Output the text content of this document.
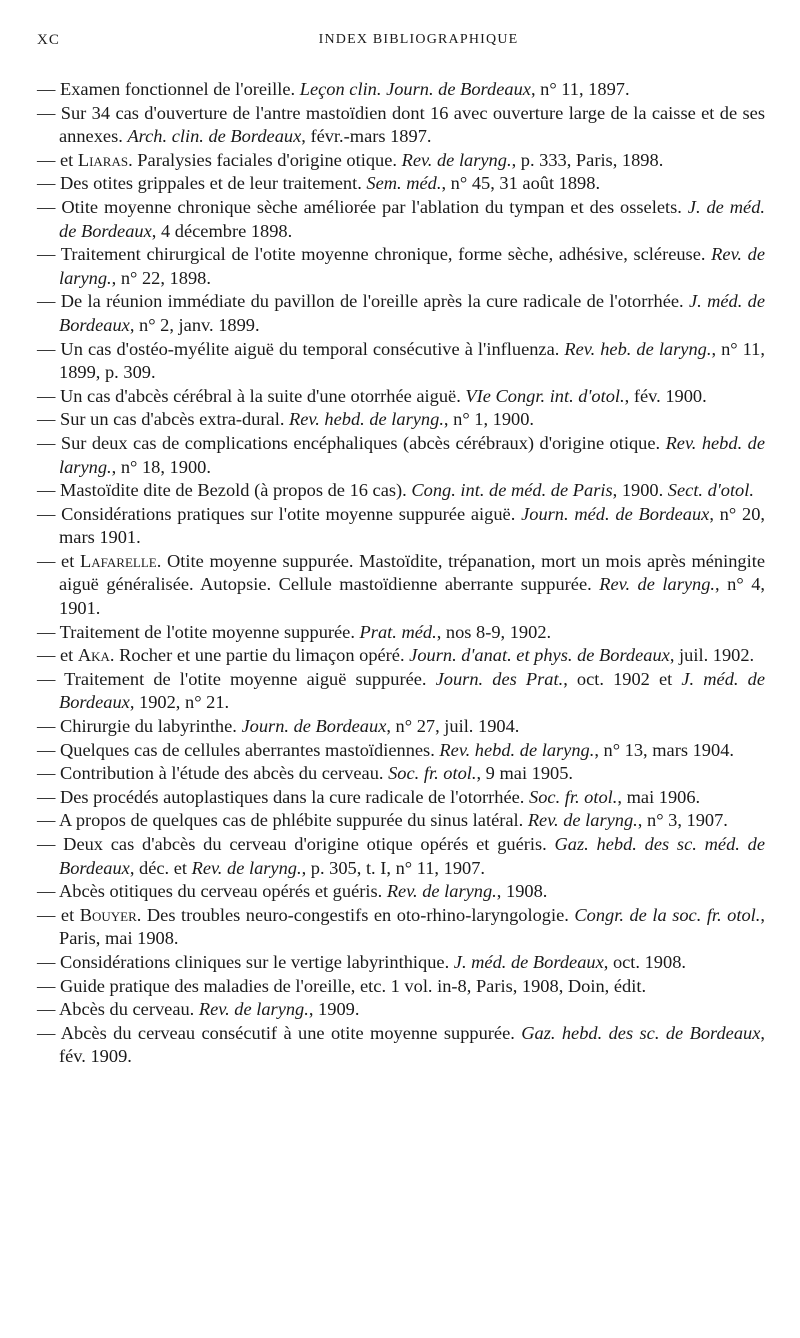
XC	INDEX BIBLIOGRAPHIQUE

— Examen fonctionnel de l'oreille. Leçon clin. Journ. de Bordeaux, n° 11, 1897.

— Sur 34 cas d'ouverture de l'antre mastoïdien dont 16 avec ouverture large de la caisse et de ses annexes. Arch. clin. de Bordeaux, févr.-mars 1897.

— et Liaras. Paralysies faciales d'origine otique. Rev. de laryng., p. 333, Paris, 1898.

— Des otites grippales et de leur traitement. Sem. méd., n° 45, 31 août 1898.

— Otite moyenne chronique sèche améliorée par l'ablation du tympan et des osselets. J. de méd. de Bordeaux, 4 décembre 1898.

— Traitement chirurgical de l'otite moyenne chronique, forme sèche, adhésive, scléreuse. Rev. de laryng., n° 22, 1898.

— De la réunion immédiate du pavillon de l'oreille après la cure radicale de l'otorrhée. J. méd. de Bordeaux, n° 2, janv. 1899.

— Un cas d'ostéo-myélite aiguë du temporal consécutive à l'influenza. Rev. heb. de laryng., n° 11, 1899, p. 309.

— Un cas d'abcès cérébral à la suite d'une otorrhée aiguë. VIe Congr. int. d'otol., fév. 1900.

— Sur un cas d'abcès extra-dural. Rev. hebd. de laryng., n° 1, 1900.

— Sur deux cas de complications encéphaliques (abcès cérébraux) d'origine otique. Rev. hebd. de laryng., n° 18, 1900.

— Mastoïdite dite de Bezold (à propos de 16 cas). Cong. int. de méd. de Paris, 1900. Sect. d'otol.

— Considérations pratiques sur l'otite moyenne suppurée aiguë. Journ. méd. de Bordeaux, n° 20, mars 1901.

— et Lafarelle. Otite moyenne suppurée. Mastoïdite, trépanation, mort un mois après méningite aiguë généralisée. Autopsie. Cellule mastoïdienne aberrante suppurée. Rev. de laryng., n° 4, 1901.

— Traitement de l'otite moyenne suppurée. Prat. méd., nos 8-9, 1902.

— et Aka. Rocher et une partie du limaçon opéré. Journ. d'anat. et phys. de Bordeaux, juil. 1902.

— Traitement de l'otite moyenne aiguë suppurée. Journ. des Prat., oct. 1902 et J. méd. de Bordeaux, 1902, n° 21.

— Chirurgie du labyrinthe. Journ. de Bordeaux, n° 27, juil. 1904.

— Quelques cas de cellules aberrantes mastoïdiennes. Rev. hebd. de laryng., n° 13, mars 1904.

— Contribution à l'étude des abcès du cerveau. Soc. fr. otol., 9 mai 1905.

— Des procédés autoplastiques dans la cure radicale de l'otorrhée. Soc. fr. otol., mai 1906.

— A propos de quelques cas de phlébite suppurée du sinus latéral. Rev. de laryng., n° 3, 1907.

— Deux cas d'abcès du cerveau d'origine otique opérés et guéris. Gaz. hebd. des sc. méd. de Bordeaux, déc. et Rev. de laryng., p. 305, t. I, n° 11, 1907.

— Abcès otitiques du cerveau opérés et guéris. Rev. de laryng., 1908.

— et Bouyer. Des troubles neuro-congestifs en oto-rhino-laryngologie. Congr. de la soc. fr. otol., Paris, mai 1908.

— Considérations cliniques sur le vertige labyrinthique. J. méd. de Bordeaux, oct. 1908.

— Guide pratique des maladies de l'oreille, etc. 1 vol. in-8, Paris, 1908, Doin, édit.

— Abcès du cerveau. Rev. de laryng., 1909.

— Abcès du cerveau consécutif à une otite moyenne suppurée. Gaz. hebd. des sc. de Bordeaux, fév. 1909.
